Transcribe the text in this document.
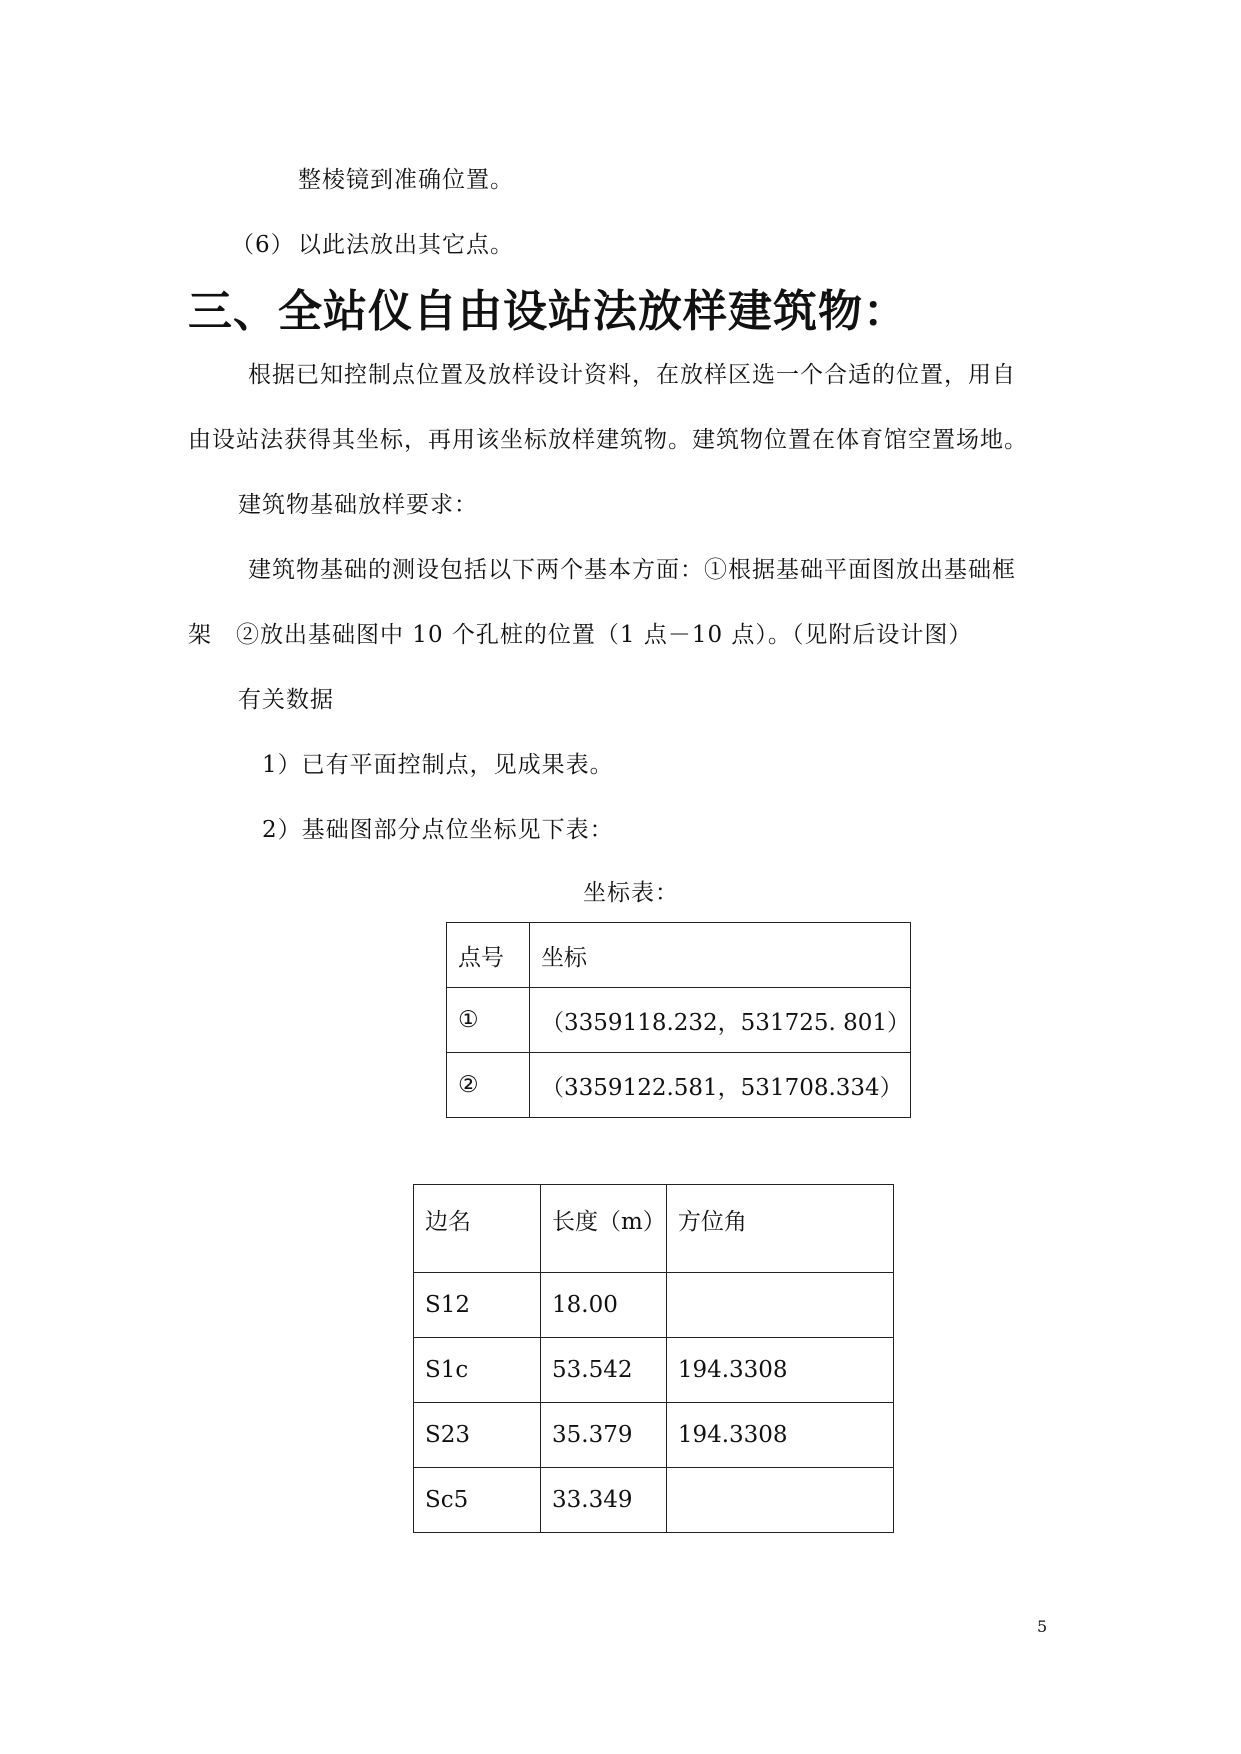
整棱镜到准确位置。
（6） 以此法放出其它点。
三、全站仪自由设站法放样建筑物：
根据已知控制点位置及放样设计资料，在放样区选一个合适的位置，用自
由设站法获得其坐标，再用该坐标放样建筑物。建筑物位置在体育馆空置场地。
建筑物基础放样要求：
建筑物基础的测设包括以下两个基本方面：①根据基础平面图放出基础框
架 ②放出基础图中 10 个孔桩的位置（1 点－10 点）。（见附后设计图）
有关数据
1）已有平面控制点，见成果表。
2）基础图部分点位坐标见下表：
坐标表：
点号	坐标
①	（3359118.232，531725. 801）
②	（3359122.581，531708.334）
边名	长度（m）	方位角
S12	18.00	
S1c	53.542	194.3308
S23	35.379	194.3308
Sc5	33.349	
5
